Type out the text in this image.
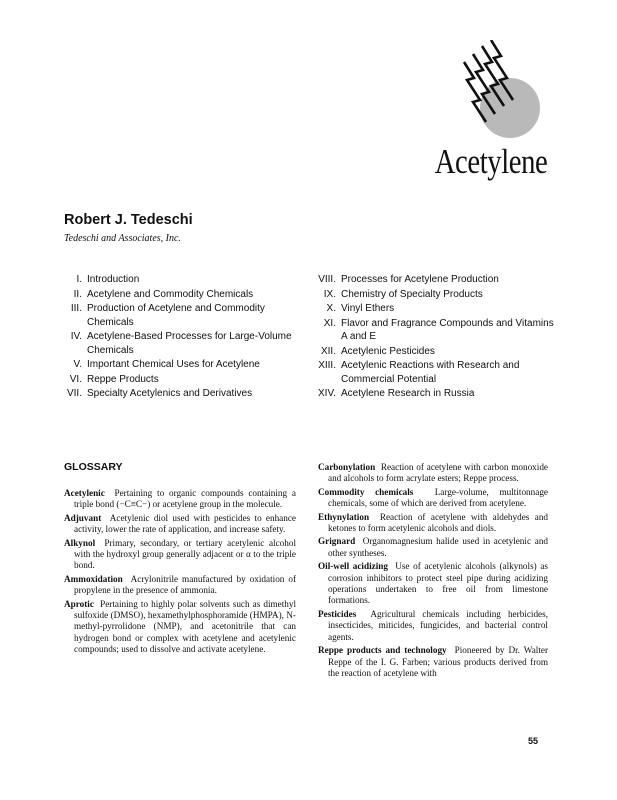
Acetylene
Robert J. Tedeschi
Tedeschi and Associates, Inc.
I. Introduction
II. Acetylene and Commodity Chemicals
III. Production of Acetylene and Commodity Chemicals
IV. Acetylene-Based Processes for Large-Volume Chemicals
V. Important Chemical Uses for Acetylene
VI. Reppe Products
VII. Specialty Acetylenics and Derivatives
VIII. Processes for Acetylene Production
IX. Chemistry of Specialty Products
X. Vinyl Ethers
XI. Flavor and Fragrance Compounds and Vitamins A and E
XII. Acetylenic Pesticides
XIII. Acetylenic Reactions with Research and Commercial Potential
XIV. Acetylene Research in Russia
GLOSSARY

Acetylenic Pertaining to organic compounds containing a triple bond (−C≡C−) or acetylene group in the molecule.

Adjuvant Acetylenic diol used with pesticides to enhance activity, lower the rate of application, and increase safety.

Alkynol Primary, secondary, or tertiary acetylenic alcohol with the hydroxyl group generally adjacent or α to the triple bond.

Ammoxidation Acrylonitrile manufactured by oxidation of propylene in the presence of ammonia.

Aprotic Pertaining to highly polar solvents such as dimethyl sulfoxide (DMSO), hexamethylphosphoramide (HMPA), N-methyl-pyrrolidone (NMP), and acetonitrile that can hydrogen bond or complex with acetylene and acetylenic compounds; used to dissolve and activate acetylene.

Carbonylation Reaction of acetylene with carbon monoxide and alcohols to form acrylate esters; Reppe process.

Commodity chemicals Large-volume, multitonnage chemicals, some of which are derived from acetylene.

Ethynylation Reaction of acetylene with aldehydes and ketones to form acetylenic alcohols and diols.

Grignard Organomagnesium halide used in acetylenic and other syntheses.

Oil-well acidizing Use of acetylenic alcohols (alkynols) as corrosion inhibitors to protect steel pipe during acidizing operations undertaken to free oil from limestone formations.

Pesticides Agricultural chemicals including herbicides, insecticides, miticides, fungicides, and bacterial control agents.

Reppe products and technology Pioneered by Dr. Walter Reppe of the I. G. Farben; various products derived from the reaction of acetylene with

55
